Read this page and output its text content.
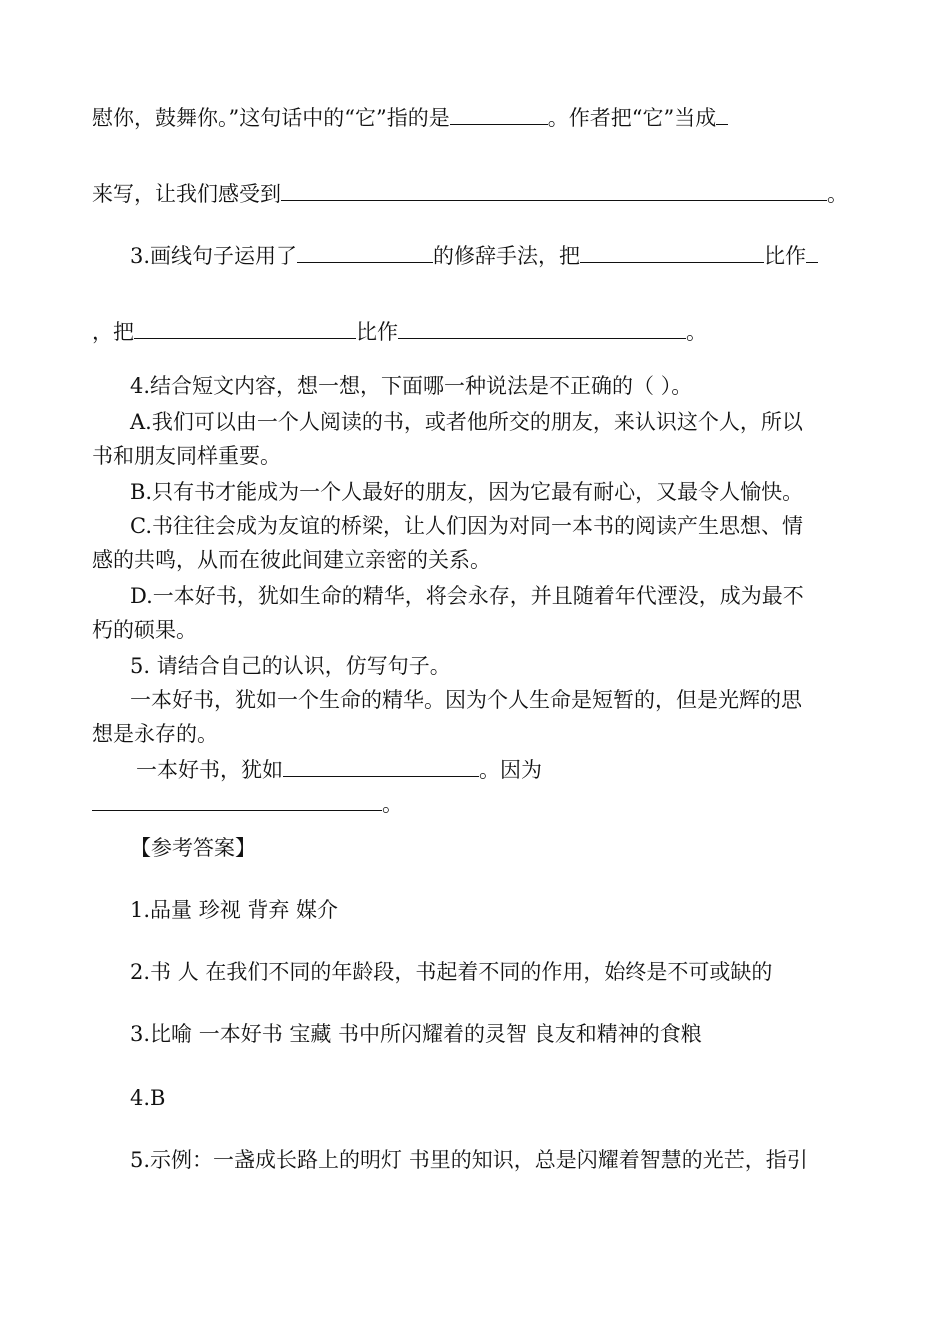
慰你，鼓舞你。”这句话中的“它”指的是	。作者把“它”当成
来写，让我们感受到	。
3.画线句子运用了	的修辞手法，把	比作
，把	比作	。
4.结合短文内容，想一想，下面哪一种说法是不正确的（ ）。
A.我们可以由一个人阅读的书，或者他所交的朋友，来认识这个人，所以
书和朋友同样重要。
B.只有书才能成为一个人最好的朋友，因为它最有耐心，又最令人愉快。
C.书往往会成为友谊的桥梁，让人们因为对同一本书的阅读产生思想、情
感的共鸣，从而在彼此间建立亲密的关系。
D.一本好书，犹如生命的精华，将会永存，并且随着年代湮没，成为最不
朽的硕果。
5. 请结合自己的认识，仿写句子。
一本好书，犹如一个生命的精华。因为个人生命是短暂的，但是光辉的思
想是永存的。
一本好书，犹如	。因为
。
【参考答案】
1.品量 珍视 背弃 媒介
2.书 人 在我们不同的年龄段，书起着不同的作用，始终是不可或缺的
3.比喻 一本好书 宝藏 书中所闪耀着的灵智 良友和精神的食粮
4.B
5.示例：一盏成长路上的明灯 书里的知识，总是闪耀着智慧的光芒，指引
